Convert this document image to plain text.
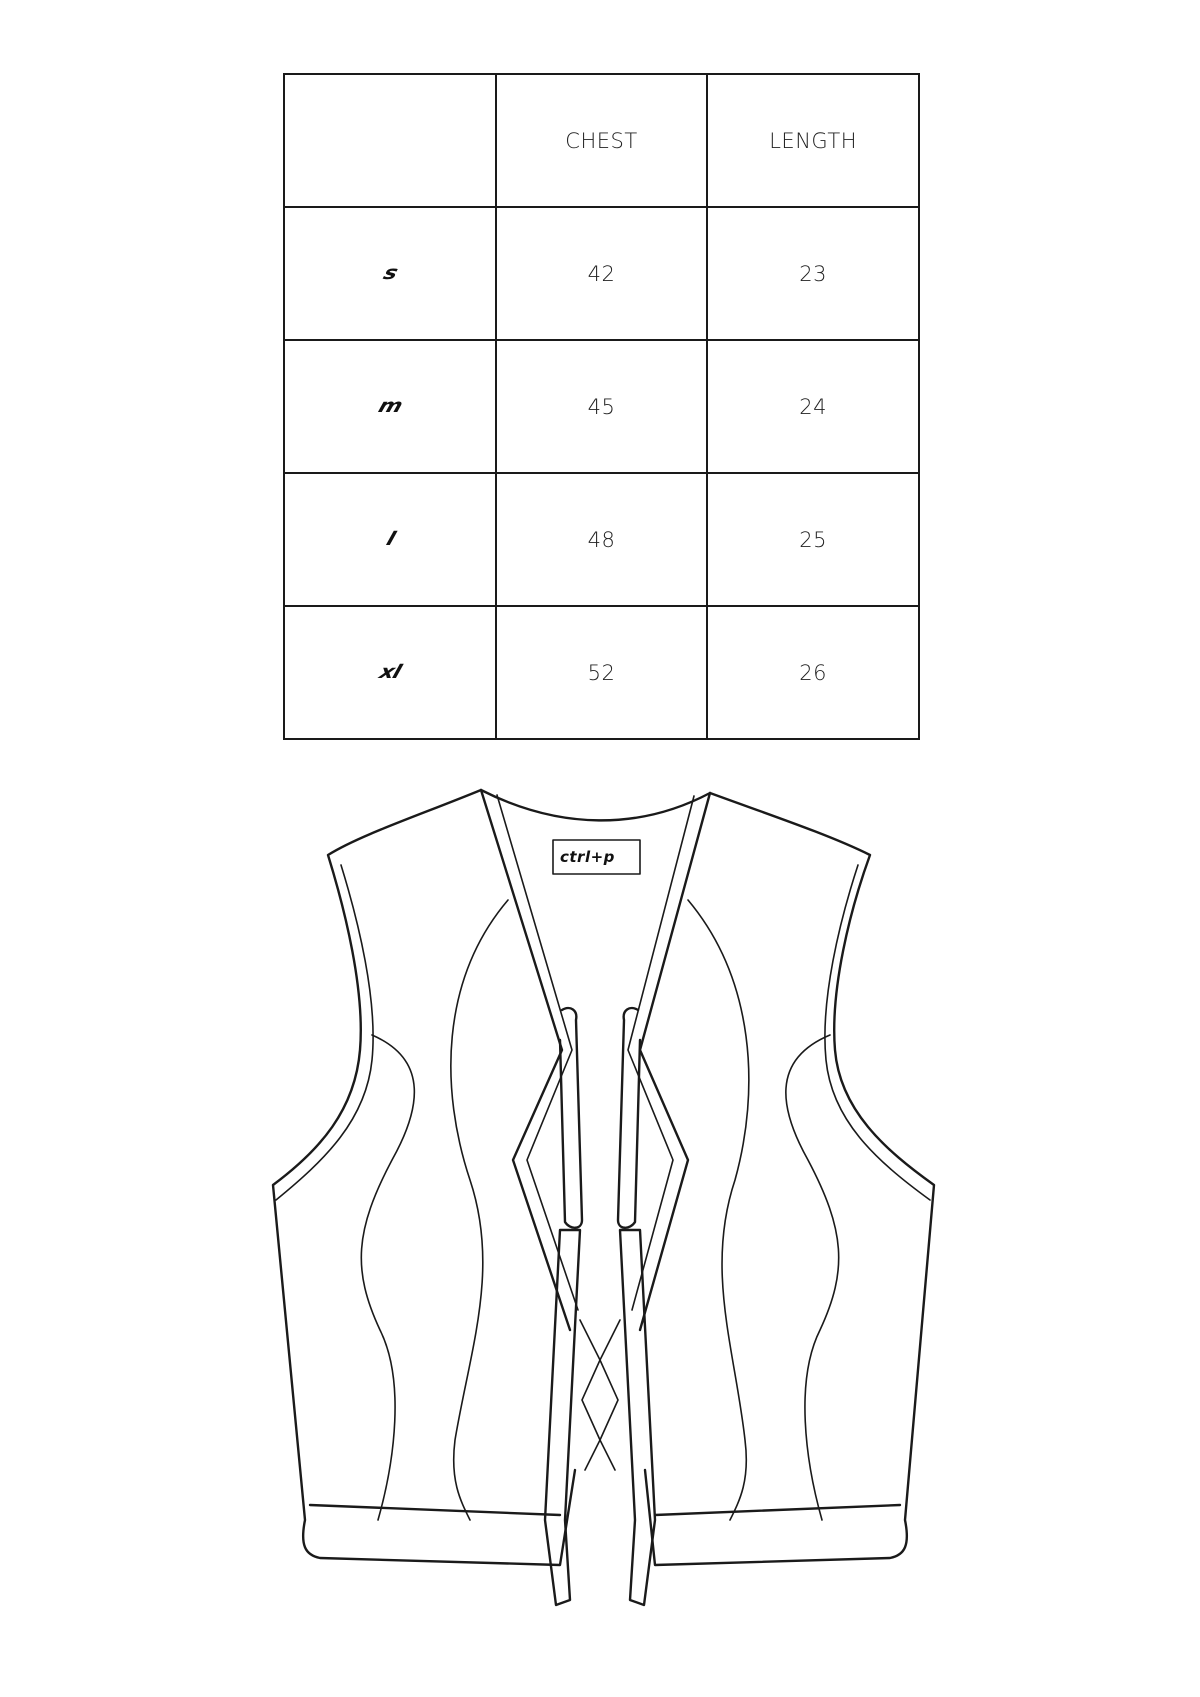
	CHEST	LENGTH
s	42	23
m	45	24
l	48	25
xl	52	26
ctrl+p
